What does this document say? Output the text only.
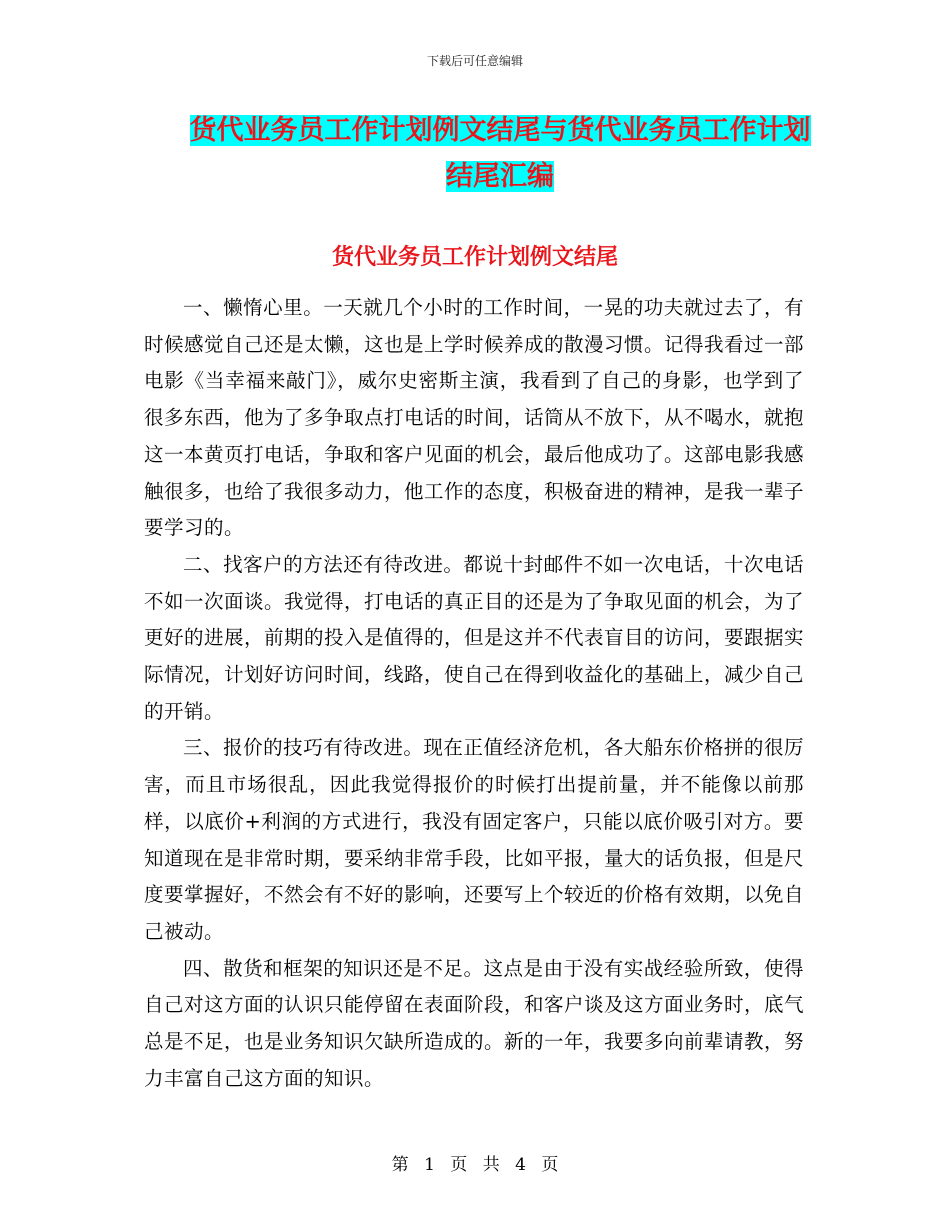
下载后可任意编辑
货代业务员工作计划例文结尾与货代业务员工作计划
结尾汇编
货代业务员工作计划例文结尾

一、懒惰心里。一天就几个小时的工作时间，一晃的功夫就过去了，有时候感觉自己还是太懒，这也是上学时候养成的散漫习惯。记得我看过一部电影《当幸福来敲门》，威尔史密斯主演，我看到了自己的身影，也学到了很多东西，他为了多争取点打电话的时间，话筒从不放下，从不喝水，就抱这一本黄页打电话，争取和客户见面的机会，最后他成功了。这部电影我感触很多，也给了我很多动力，他工作的态度，积极奋进的精神，是我一辈子要学习的。

二、找客户的方法还有待改进。都说十封邮件不如一次电话，十次电话不如一次面谈。我觉得，打电话的真正目的还是为了争取见面的机会，为了更好的进展，前期的投入是值得的，但是这并不代表盲目的访问，要跟据实际情况，计划好访问时间，线路，使自己在得到收益化的基础上，减少自己的开销。

三、报价的技巧有待改进。现在正值经济危机，各大船东价格拼的很厉害，而且市场很乱，因此我觉得报价的时候打出提前量，并不能像以前那样，以底价+利润的方式进行，我没有固定客户，只能以底价吸引对方。要知道现在是非常时期，要采纳非常手段，比如平报，量大的话负报，但是尺度要掌握好，不然会有不好的影响，还要写上个较近的价格有效期，以免自己被动。

四、散货和框架的知识还是不足。这点是由于没有实战经验所致，使得自己对这方面的认识只能停留在表面阶段，和客户谈及这方面业务时，底气总是不足，也是业务知识欠缺所造成的。新的一年，我要多向前辈请教，努力丰富自己这方面的知识。

第 1 页 共 4 页
